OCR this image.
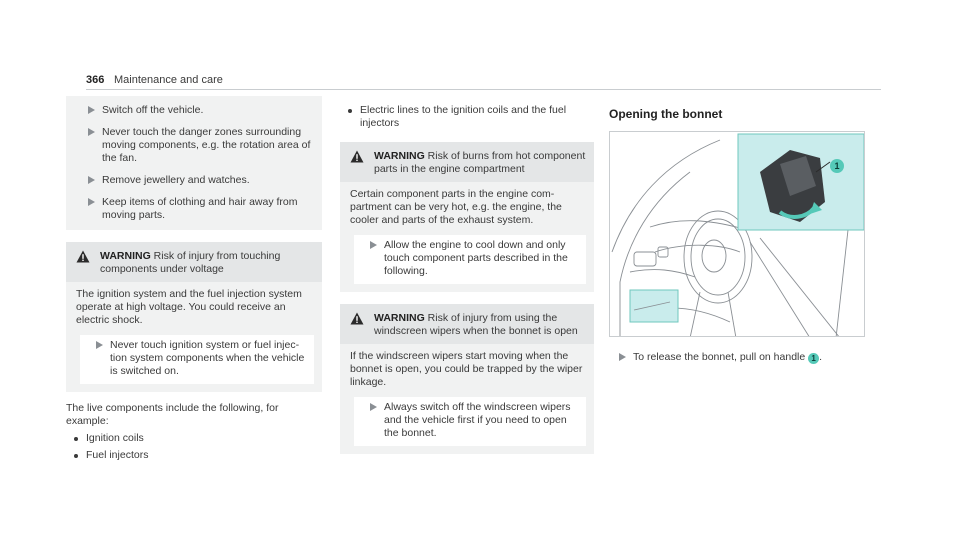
366 Maintenance and care
Switch off the vehicle.
Never touch the danger zones surrounding moving components, e.g. the rotation area of the fan.
Remove jewellery and watches.
Keep items of clothing and hair away from moving parts.
WARNING Risk of injury from touching components under voltage

The ignition system and the fuel injection system operate at high voltage. You could receive an electric shock.

Never touch ignition system or fuel injection system components when the vehicle is switched on.

The live components include the following, for example:

Ignition coils
Fuel injectors
Electric lines to the ignition coils and the fuel injectors
WARNING Risk of burns from hot component parts in the engine compartment

Certain component parts in the engine compartment can be very hot, e.g. the engine, the cooler and parts of the exhaust system.

Allow the engine to cool down and only touch component parts described in the following.
WARNING Risk of injury from using the windscreen wipers when the bonnet is open

If the windscreen wipers start moving when the bonnet is open, you could be trapped by the wiper linkage.

Always switch off the windscreen wipers and the vehicle first if you need to open the bonnet.
Opening the bonnet
1
To release the bonnet, pull on handle 1 .
